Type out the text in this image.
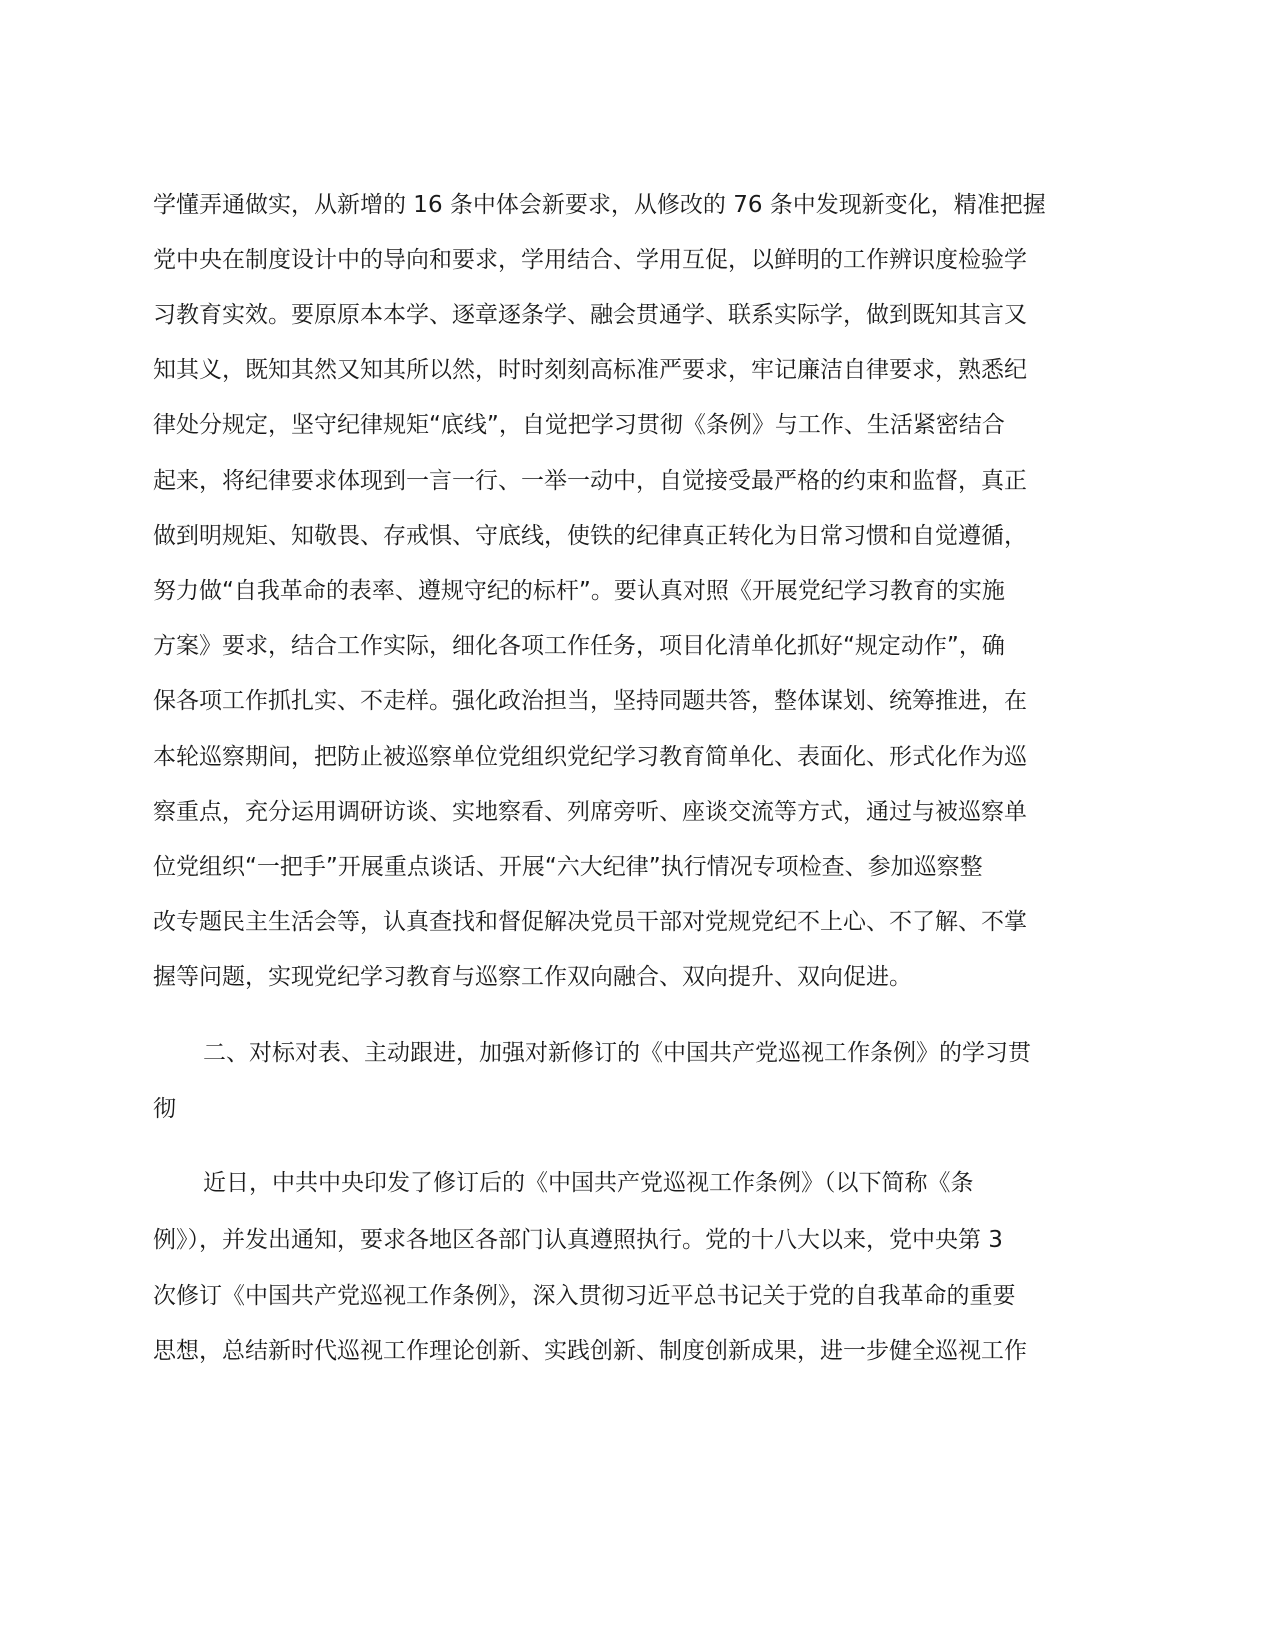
学懂弄通做实，从新增的 16 条中体会新要求，从修改的 76 条中发现新变化，精准把握

党中央在制度设计中的导向和要求，学用结合、学用互促，以鲜明的工作辨识度检验学

习教育实效。要原原本本学、逐章逐条学、融会贯通学、联系实际学，做到既知其言又

知其义，既知其然又知其所以然，时时刻刻高标准严要求，牢记廉洁自律要求，熟悉纪

律处分规定，坚守纪律规矩“底线”，自觉把学习贯彻《条例》与工作、生活紧密结合

起来，将纪律要求体现到一言一行、一举一动中，自觉接受最严格的约束和监督，真正

做到明规矩、知敬畏、存戒惧、守底线，使铁的纪律真正转化为日常习惯和自觉遵循，

努力做“自我革命的表率、遵规守纪的标杆”。要认真对照《开展党纪学习教育的实施

方案》要求，结合工作实际，细化各项工作任务，项目化清单化抓好“规定动作”，确

保各项工作抓扎实、不走样。强化政治担当，坚持同题共答，整体谋划、统筹推进，在

本轮巡察期间，把防止被巡察单位党组织党纪学习教育简单化、表面化、形式化作为巡

察重点，充分运用调研访谈、实地察看、列席旁听、座谈交流等方式，通过与被巡察单

位党组织“一把手”开展重点谈话、开展“六大纪律”执行情况专项检查、参加巡察整

改专题民主生活会等，认真查找和督促解决党员干部对党规党纪不上心、不了解、不掌

握等问题，实现党纪学习教育与巡察工作双向融合、双向提升、双向促进。

二、对标对表、主动跟进，加强对新修订的《中国共产党巡视工作条例》的学习贯

彻

近日，中共中央印发了修订后的《中国共产党巡视工作条例》（以下简称《条

例》），并发出通知，要求各地区各部门认真遵照执行。党的十八大以来，党中央第 3

次修订《中国共产党巡视工作条例》，深入贯彻习近平总书记关于党的自我革命的重要

思想，总结新时代巡视工作理论创新、实践创新、制度创新成果，进一步健全巡视工作
